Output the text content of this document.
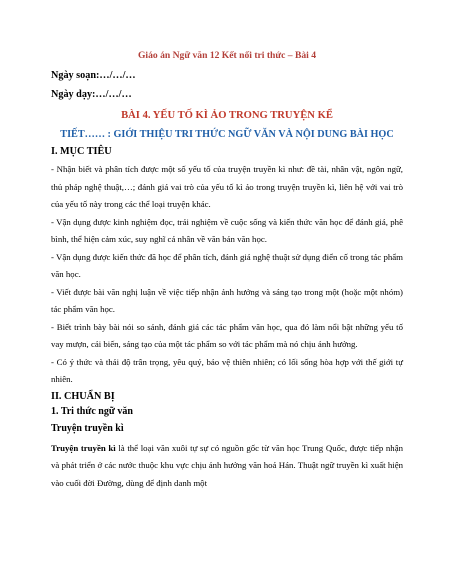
Giáo án Ngữ văn 12 Kết nối tri thức – Bài 4
Ngày soạn:…/…/…
Ngày dạy:…/…/…
BÀI 4. YẾU TỐ KÌ ẢO TRONG TRUYỆN KỂ
TIẾT…… : GIỚI THIỆU TRI THỨC NGỮ VĂN VÀ NỘI DUNG BÀI HỌC
I. MỤC TIÊU

- Nhận biết và phân tích được một số yếu tố của truyện truyền kì như: đề tài, nhân vật, ngôn ngữ, thủ pháp nghệ thuật,…; đánh giá vai trò của yếu tố kì ảo trong truyện truyền kì, liên hệ với vai trò của yếu tố này trong các thể loại truyện khác.

- Vận dụng được kinh nghiệm đọc, trải nghiệm về cuộc sống và kiến thức văn học để đánh giá, phê bình, thể hiện cảm xúc, suy nghĩ cá nhân về văn bản văn học.

- Vận dụng được kiến thức đã học để phân tích, đánh giá nghệ thuật sử dụng điển cố trong tác phẩm văn học.

- Viết được bài văn nghị luận về việc tiếp nhận ảnh hưởng và sáng tạo trong một (hoặc một nhóm) tác phẩm văn học.

- Biết trình bày bài nói so sánh, đánh giá các tác phẩm văn học, qua đó làm nổi bật những yếu tố vay mượn, cải biến, sáng tạo của một tác phẩm so với tác phẩm mà nó chịu ảnh hưởng.

- Có ý thức và thái độ trân trọng, yêu quý, bảo vệ thiên nhiên; có lối sống hòa hợp với thế giới tự nhiên.

II. CHUẨN BỊ
1. Tri thức ngữ văn
Truyện truyền kì

Truyện truyền kì là thể loại văn xuôi tự sự có nguồn gốc từ văn học Trung Quốc, được tiếp nhận và phát triển ở các nước thuộc khu vực chịu ảnh hưởng văn hoá Hán. Thuật ngữ truyền kì xuất hiện vào cuối đời Đường, dùng để định danh một
